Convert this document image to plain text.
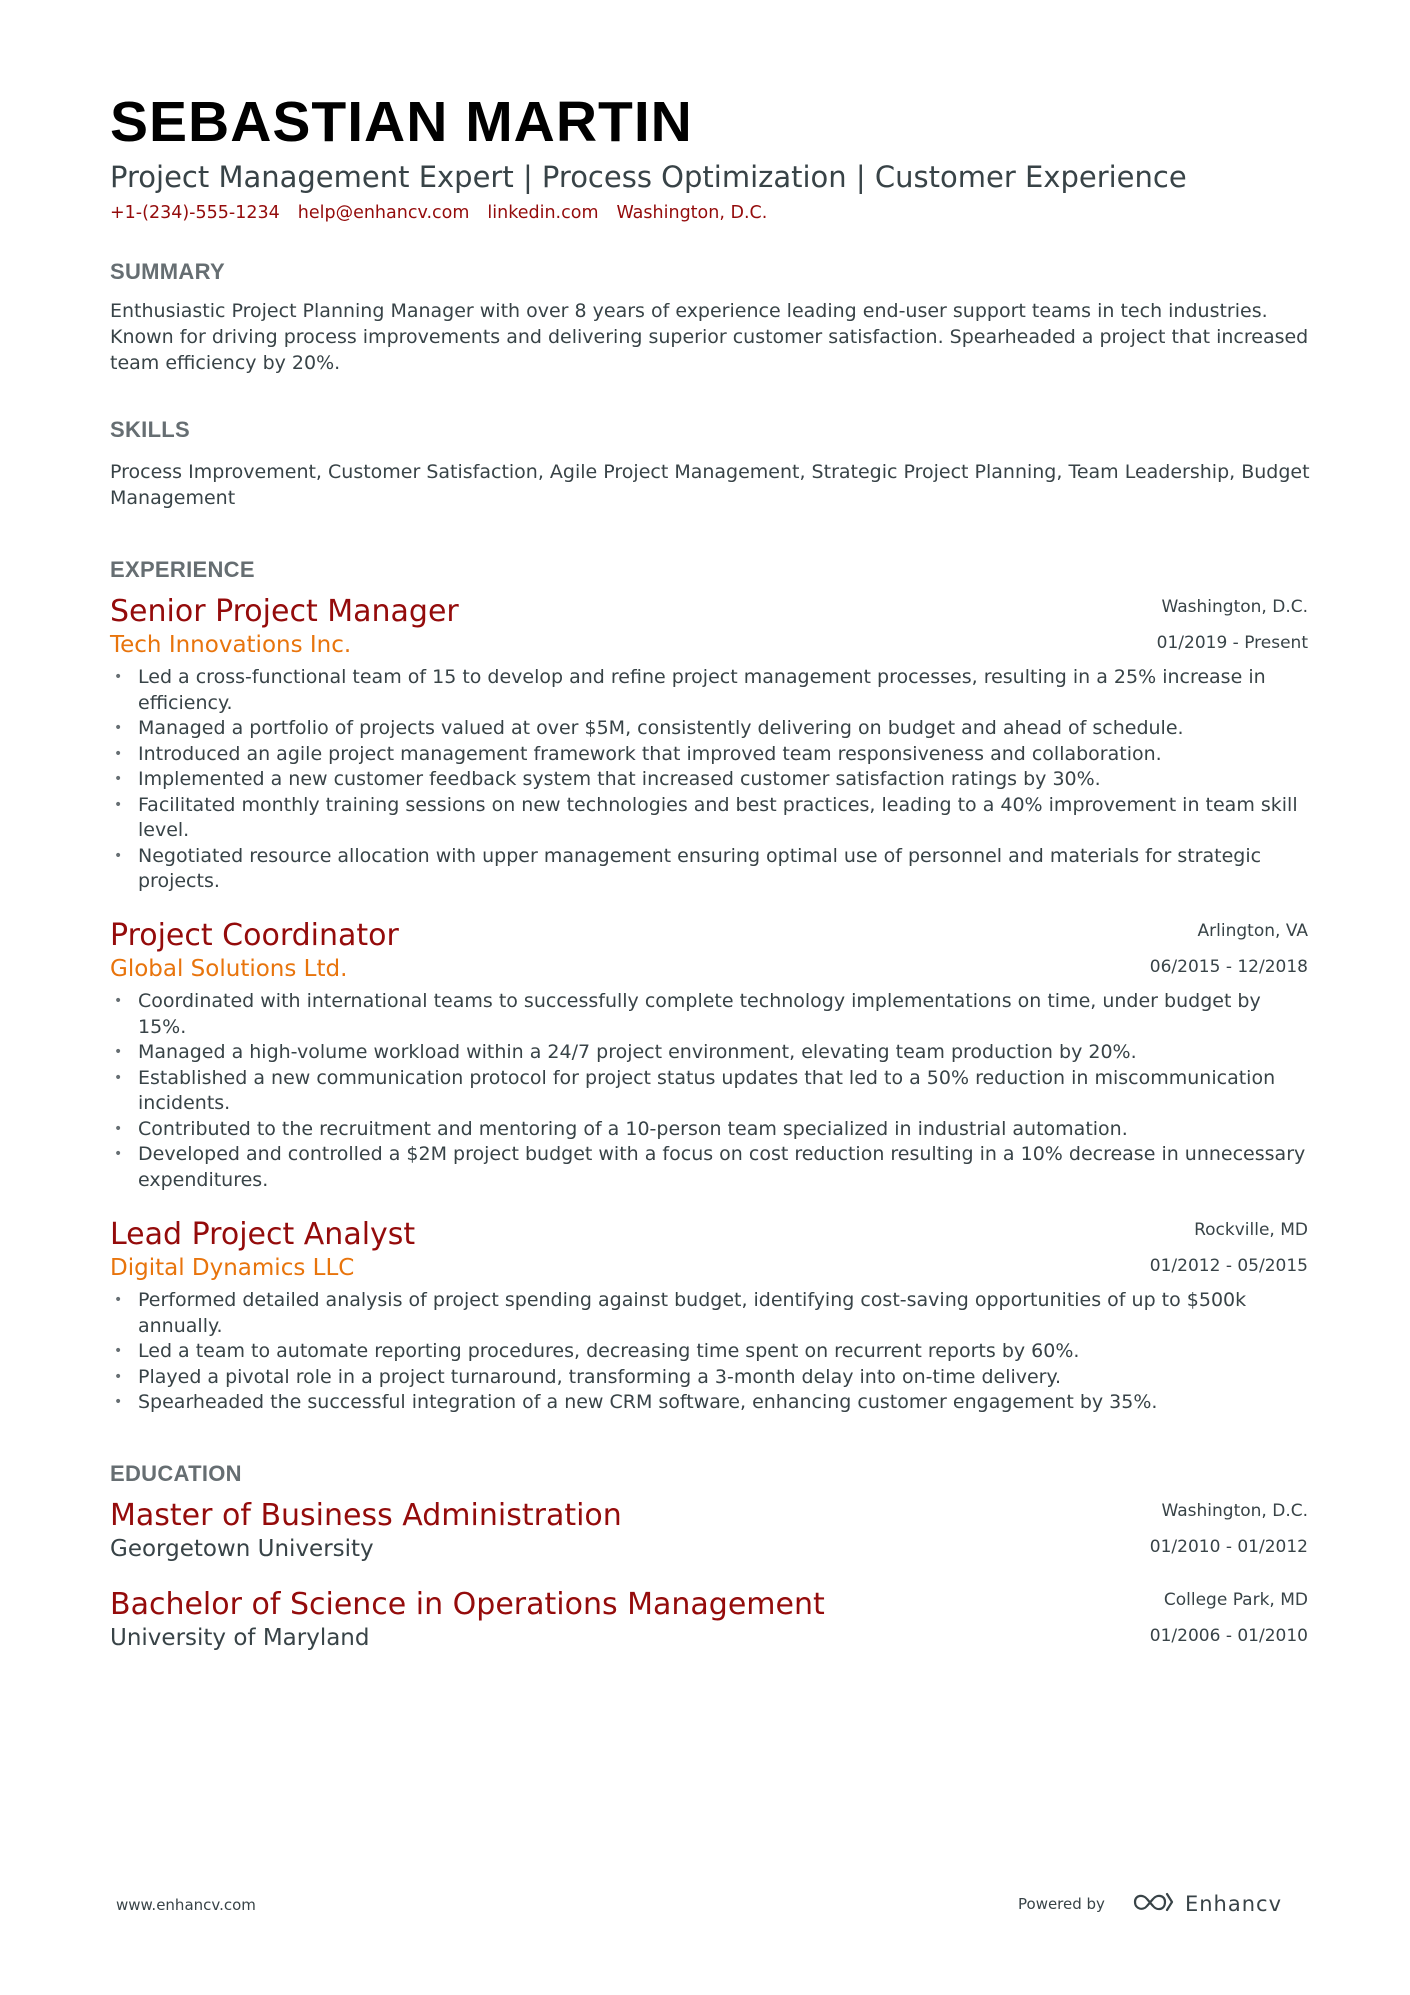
SEBASTIAN MARTIN
Project Management Expert | Process Optimization | Customer Experience
+1-(234)-555-1234 help@enhancv.com linkedin.com Washington, D.C.
SUMMARY
Enthusiastic Project Planning Manager with over 8 years of experience leading end-user support teams in tech industries. Known for driving process improvements and delivering superior customer satisfaction. Spearheaded a project that increased team efficiency by 20%.
SKILLS
Process Improvement, Customer Satisfaction, Agile Project Management, Strategic Project Planning, Team Leadership, Budget Management
EXPERIENCE
Senior Project Manager
Tech Innovations Inc.
Washington, D.C.
01/2019 - Present
• Led a cross-functional team of 15 to develop and refine project management processes, resulting in a 25% increase in efficiency.
• Managed a portfolio of projects valued at over $5M, consistently delivering on budget and ahead of schedule.
• Introduced an agile project management framework that improved team responsiveness and collaboration.
• Implemented a new customer feedback system that increased customer satisfaction ratings by 30%.
• Facilitated monthly training sessions on new technologies and best practices, leading to a 40% improvement in team skill level.
• Negotiated resource allocation with upper management ensuring optimal use of personnel and materials for strategic projects.
Project Coordinator
Global Solutions Ltd.
Arlington, VA
06/2015 - 12/2018
• Coordinated with international teams to successfully complete technology implementations on time, under budget by 15%.
• Managed a high-volume workload within a 24/7 project environment, elevating team production by 20%.
• Established a new communication protocol for project status updates that led to a 50% reduction in miscommunication incidents.
• Contributed to the recruitment and mentoring of a 10-person team specialized in industrial automation.
• Developed and controlled a $2M project budget with a focus on cost reduction resulting in a 10% decrease in unnecessary expenditures.
Lead Project Analyst
Digital Dynamics LLC
Rockville, MD
01/2012 - 05/2015
• Performed detailed analysis of project spending against budget, identifying cost-saving opportunities of up to $500k annually.
• Led a team to automate reporting procedures, decreasing time spent on recurrent reports by 60%.
• Played a pivotal role in a project turnaround, transforming a 3-month delay into on-time delivery.
• Spearheaded the successful integration of a new CRM software, enhancing customer engagement by 35%.
EDUCATION
Master of Business Administration
Georgetown University
Washington, D.C.
01/2010 - 01/2012
Bachelor of Science in Operations Management
University of Maryland
College Park, MD
01/2006 - 01/2010
www.enhancv.com	Powered by	Enhancv
